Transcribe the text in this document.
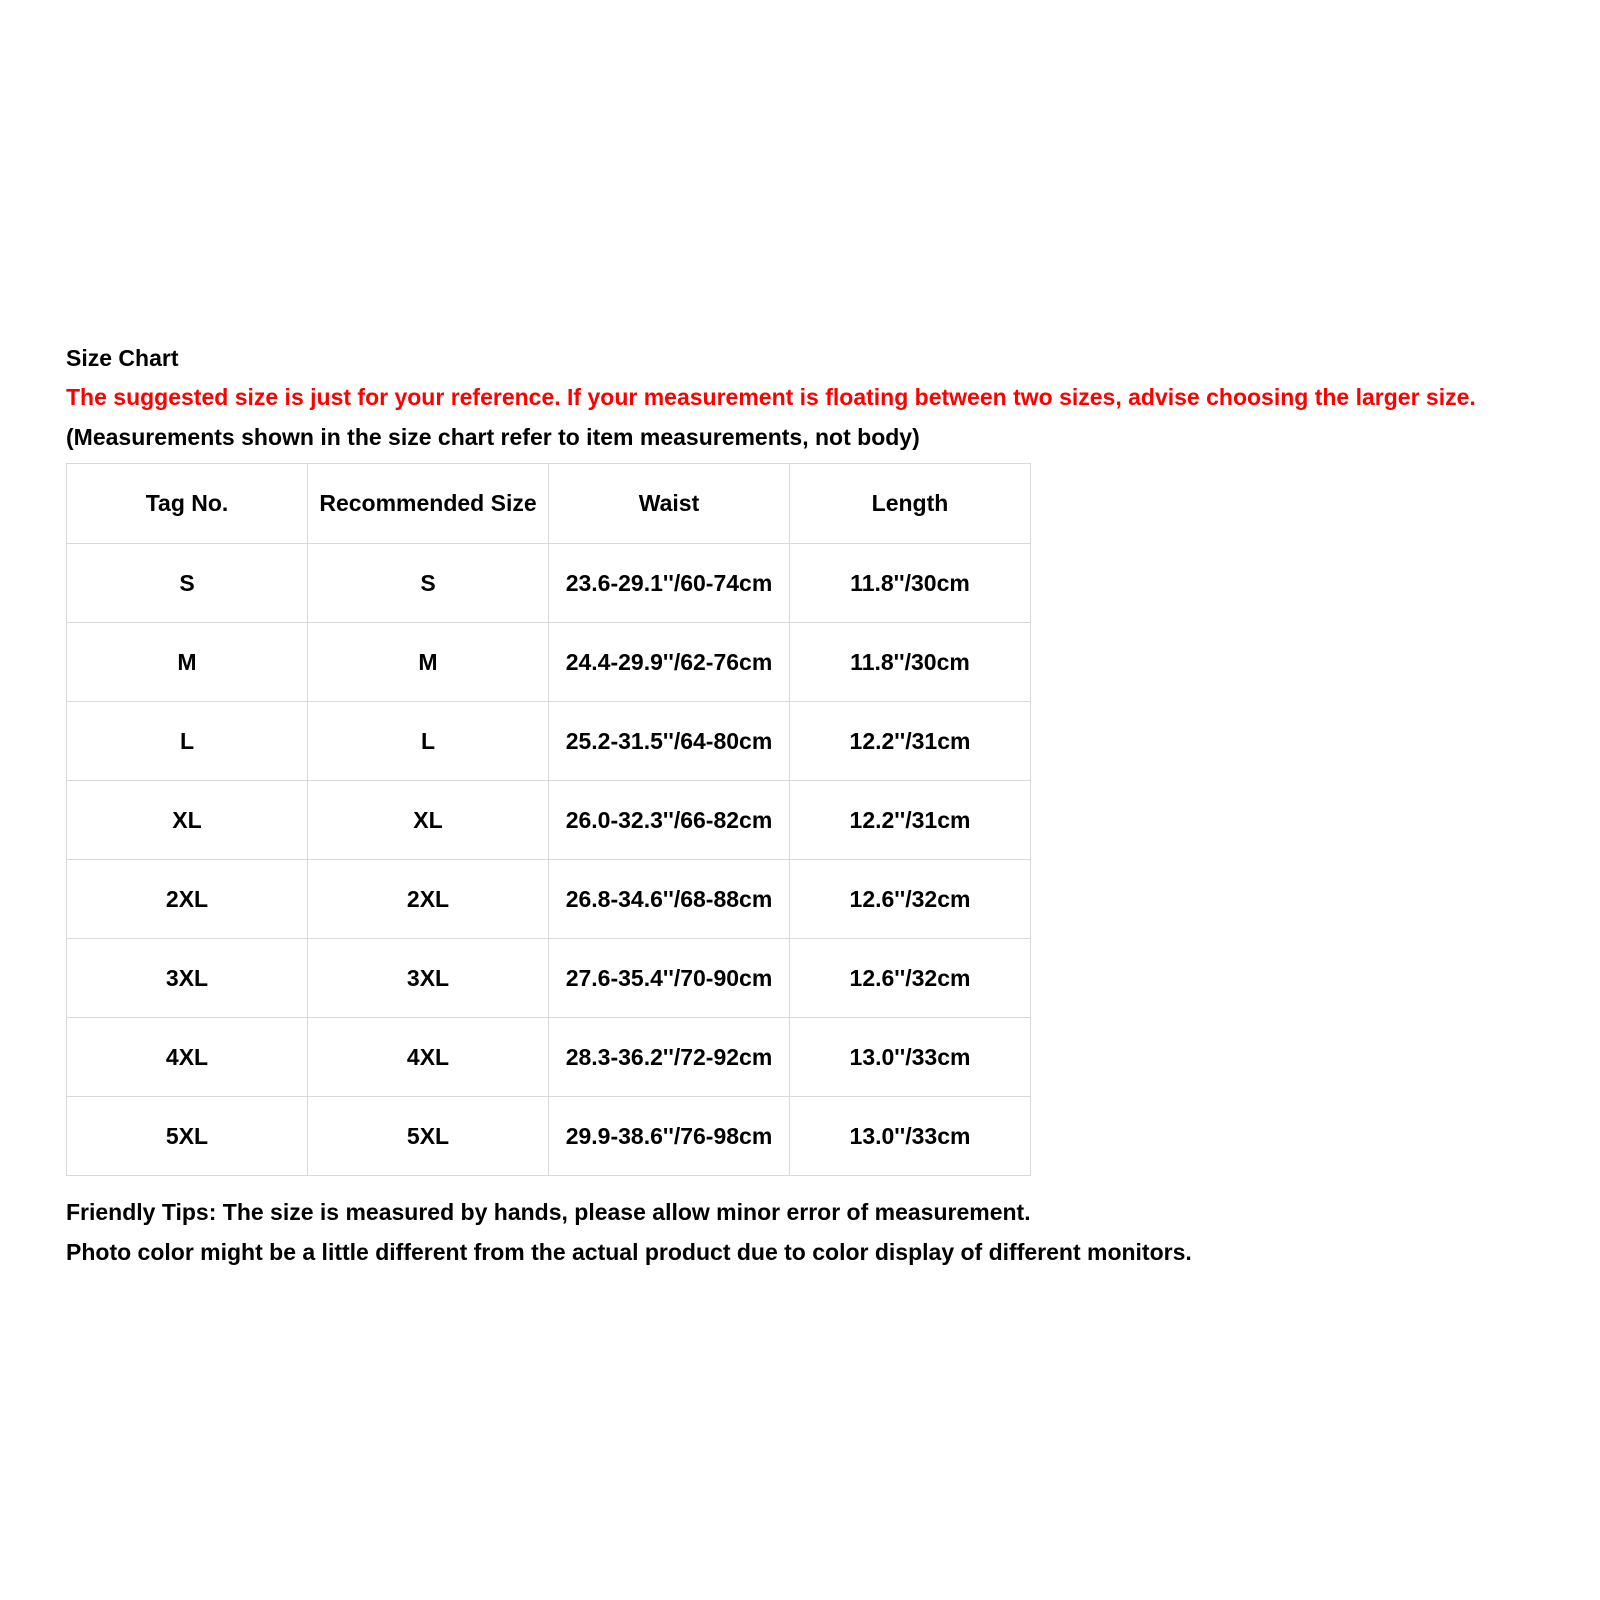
Size Chart
The suggested size is just for your reference. If your measurement is floating between two sizes, advise choosing the larger size.
(Measurements shown in the size chart refer to item measurements, not body)
Tag No.	Recommended Size	Waist	Length
S	S	23.6-29.1''/60-74cm	11.8''/30cm
M	M	24.4-29.9''/62-76cm	11.8''/30cm
L	L	25.2-31.5''/64-80cm	12.2''/31cm
XL	XL	26.0-32.3''/66-82cm	12.2''/31cm
2XL	2XL	26.8-34.6''/68-88cm	12.6''/32cm
3XL	3XL	27.6-35.4''/70-90cm	12.6''/32cm
4XL	4XL	28.3-36.2''/72-92cm	13.0''/33cm
5XL	5XL	29.9-38.6''/76-98cm	13.0''/33cm
Friendly Tips: The size is measured by hands, please allow minor error of measurement.
Photo color might be a little different from the actual product due to color display of different monitors.
